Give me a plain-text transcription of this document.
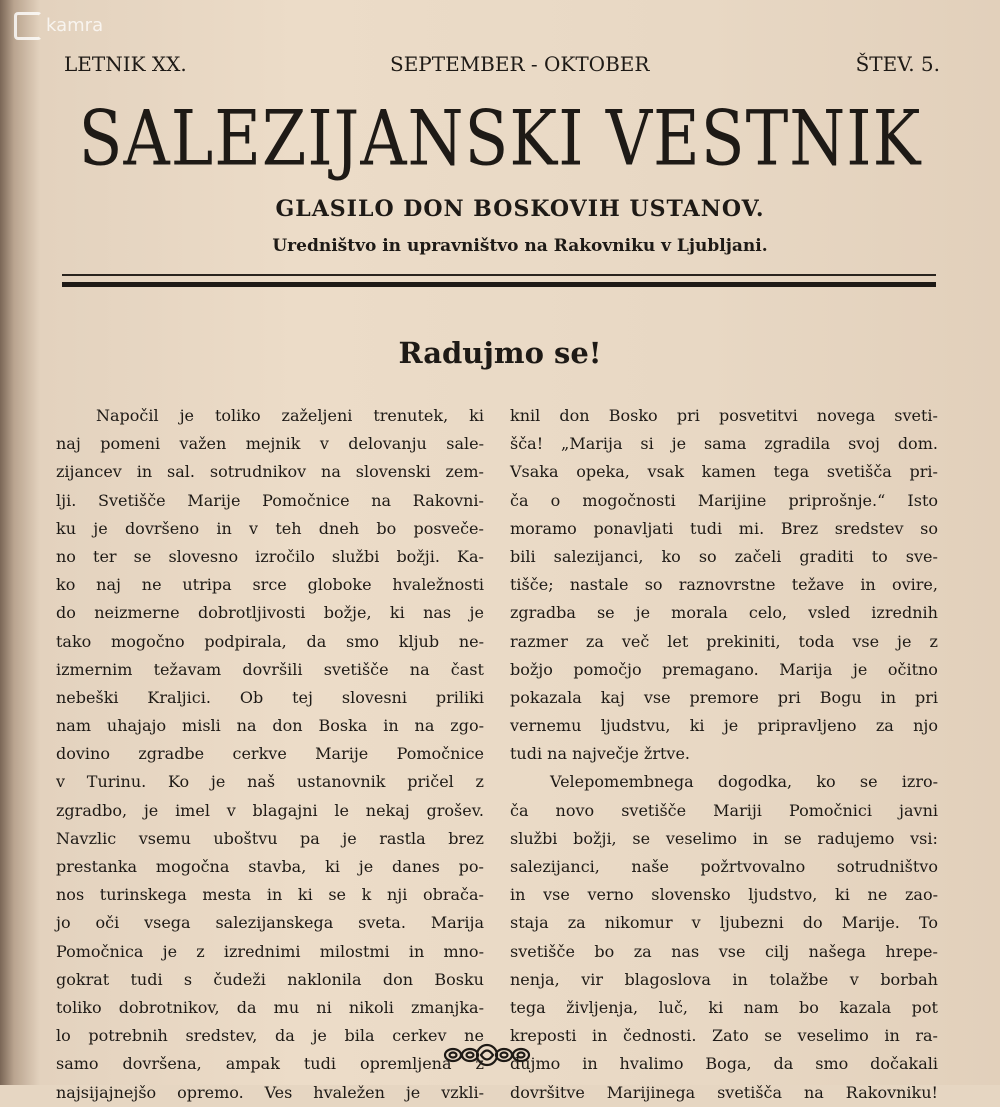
kamra
LETNIK XX.	SEPTEMBER - OKTOBER	ŠTEV. 5.
SALEZIJANSKI VESTNIK
GLASILO DON BOSKOVIH USTANOV.
Uredništvo in upravništvo na Rakovniku v Ljubljani.
Radujmo se!
Napočil je toliko zaželjeni trenutek, ki
naj pomeni važen mejnik v delovanju sale-
zijancev in sal. sotrudnikov na slovenski zem-
lji. Svetišče Marije Pomočnice na Rakovni-
ku je dovršeno in v teh dneh bo posveče-
no ter se slovesno izročilo službi božji. Ka-
ko naj ne utripa srce globoke hvaležnosti
do neizmerne dobrotljivosti božje, ki nas je
tako mogočno podpirala, da smo kljub ne-
izmernim težavam dovršili svetišče na čast
nebeški Kraljici. Ob tej slovesni priliki
nam uhajajo misli na don Boska in na zgo-
dovino zgradbe cerkve Marije Pomočnice
v Turinu. Ko je naš ustanovnik pričel z
zgradbo, je imel v blagajni le nekaj grošev.
Navzlic vsemu uboštvu pa je rastla brez
prestanka mogočna stavba, ki je danes po-
nos turinskega mesta in ki se k nji obrača-
jo oči vsega salezijanskega sveta. Marija
Pomočnica je z izrednimi milostmi in mno-
gokrat tudi s čudeži naklonila don Bosku
toliko dobrotnikov, da mu ni nikoli zmanjka-
lo potrebnih sredstev, da je bila cerkev ne
samo dovršena, ampak tudi opremljena z
najsijajnejšo opremo. Ves hvaležen je vzkli-
knil don Bosko pri posvetitvi novega sveti-
šča! „Marija si je sama zgradila svoj dom.
Vsaka opeka, vsak kamen tega svetišča pri-
ča o mogočnosti Marijine priprošnje.“ Isto
moramo ponavljati tudi mi. Brez sredstev so
bili salezijanci, ko so začeli graditi to sve-
tišče; nastale so raznovrstne težave in ovire,
zgradba se je morala celo, vsled izrednih
razmer za več let prekiniti, toda vse je z
božjo pomočjo premagano. Marija je očitno
pokazala kaj vse premore pri Bogu in pri
vernemu ljudstvu, ki je pripravljeno za njo
tudi na največje žrtve.
Velepomembnega dogodka, ko se izro-
ča novo svetišče Mariji Pomočnici javni
službi božji, se veselimo in se radujemo vsi:
salezijanci, naše požrtvovalno sotrudništvo
in vse verno slovensko ljudstvo, ki ne zao-
staja za nikomur v ljubezni do Marije. To
svetišče bo za nas vse cilj našega hrepe-
nenja, vir blagoslova in tolažbe v borbah
tega življenja, luč, ki nam bo kazala pot
kreposti in čednosti. Zato se veselimo in ra-
dujmo in hvalimo Boga, da smo dočakali
dovršitve Marijinega svetišča na Rakovniku!
